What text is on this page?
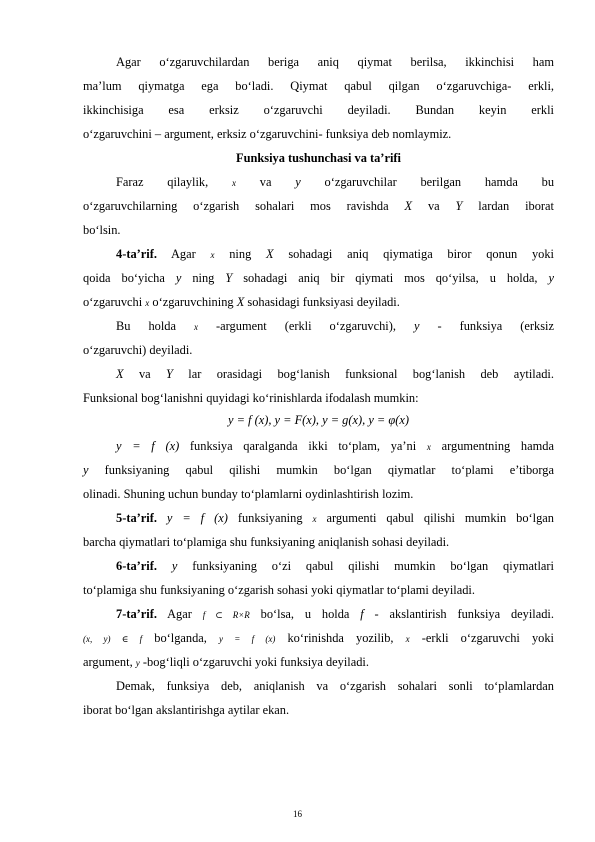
Agar o‘zgaruvchilardan beriga aniq qiymat berilsa, ikkinchisi ham
ma’lum qiymatga ega bo‘ladi. Qiymat qabul qilgan o‘zgaruvchiga- erkli,
ikkinchisiga esa erksiz o‘zgaruvchi deyiladi. Bundan keyin erkli
o‘zgaruvchini – argument, erksiz o‘zgaruvchini- funksiya deb nomlaymiz.
Funksiya tushunchasi va ta’rifi
Faraz qilaylik,	x va y o‘zgaruvchilar berilgan hamda bu
o‘zgaruvchilarning o‘zgarish sohalari mos ravishda X va Y lardan iborat
bo‘lsin.
4-ta’rif. Agar x ning X sohadagi aniq qiymatiga biror qonun yoki
qoida bo‘yicha y ning Y sohadagi aniq bir qiymati mos qo‘yilsa, u holda, y
o‘zgaruvchi x o‘zgaruvchining X sohasidagi funksiyasi deyiladi.
Bu holda x -argument (erkli o‘zgaruvchi), y - funksiya (erksiz
o‘zgaruvchi) deyiladi.
X va Y lar orasidagi bog‘lanish funksional bog‘lanish deb aytiladi.
Funksional bog‘lanishni quyidagi ko‘rinishlarda ifodalash mumkin:
y = f (x), y = F(x), y = g(x), y = φ(x)
y = f (x) funksiya qaralganda ikki to‘plam, ya’ni x argumentning hamda
y funksiyaning qabul qilishi mumkin bo‘lgan qiymatlar to‘plami e’tiborga
olinadi. Shuning uchun bunday to‘plamlarni oydinlashtirish lozim.
5-ta’rif. y = f (x) funksiyaning x argumenti qabul qilishi mumkin bo‘lgan
barcha qiymatlari to‘plamiga shu funksiyaning aniqlanish sohasi deyiladi.
6-ta’rif. y funksiyaning o‘zi qabul qilishi mumkin bo‘lgan qiymatlari
to‘plamiga shu funksiyaning o‘zgarish sohasi yoki qiymatlar to‘plami deyiladi.
7-ta’rif. Agar f ⊂ R×R bo‘lsa, u holda f - akslantirish funksiya deyiladi.
(x, y) ∈ f bo‘lganda, y = f (x) ko‘rinishda yozilib, x -erkli o‘zgaruvchi yoki
argument, y -bog‘liqli o‘zgaruvchi yoki funksiya deyiladi.
Demak, funksiya deb, aniqlanish va o‘zgarish sohalari sonli to‘plamlardan
iborat bo‘lgan akslantirishga aytilar ekan.
16
